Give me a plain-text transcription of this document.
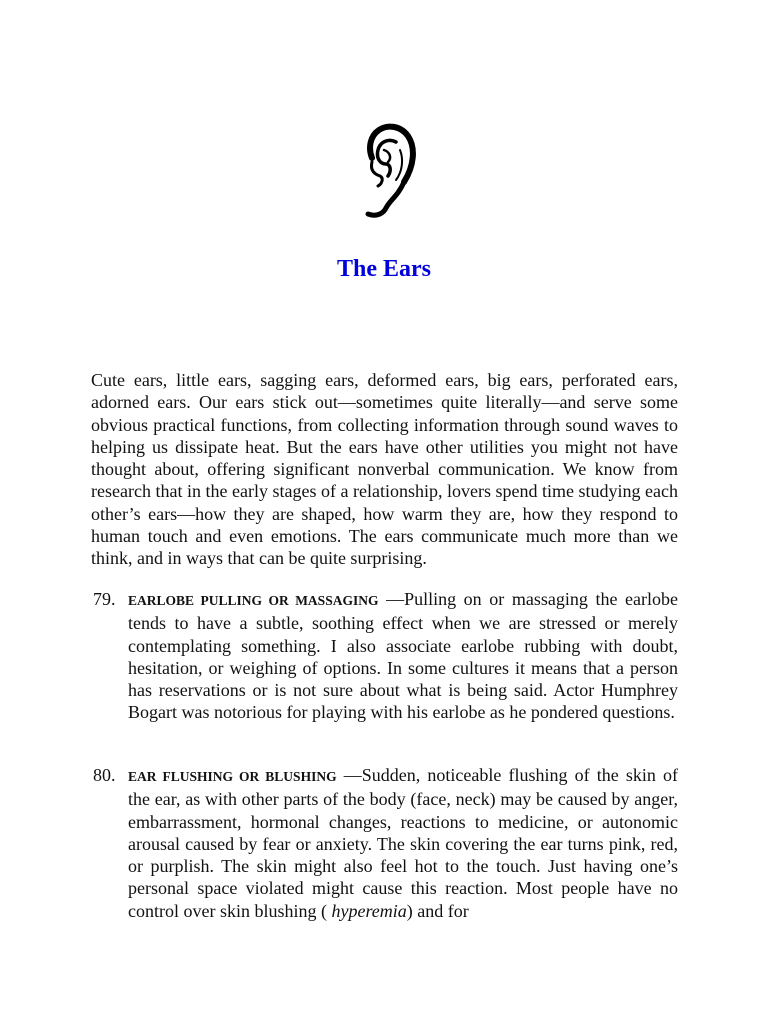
The Ears

Cute ears, little ears, sagging ears, deformed ears, big ears, perforated ears, adorned ears. Our ears stick out—sometimes quite literally—and serve some obvious practical functions, from collecting information through sound waves to helping us dissipate heat. But the ears have other utilities you might not have thought about, offering significant nonverbal communication. We know from research that in the early stages of a relationship, lovers spend time studying each other’s ears—how they are shaped, how warm they are, how they respond to human touch and even emotions. The ears communicate much more than we think, and in ways that can be quite surprising.

79. EARLOBE PULLING OR MASSAGING —Pulling on or massaging the earlobe tends to have a subtle, soothing effect when we are stressed or merely contemplating something. I also associate earlobe rubbing with doubt, hesitation, or weighing of options. In some cultures it means that a person has reservations or is not sure about what is being said. Actor Humphrey Bogart was notorious for playing with his earlobe as he pondered questions.

80. EAR FLUSHING OR BLUSHING —Sudden, noticeable flushing of the skin of the ear, as with other parts of the body (face, neck) may be caused by anger, embarrassment, hormonal changes, reactions to medicine, or autonomic arousal caused by fear or anxiety. The skin covering the ear turns pink, red, or purplish. The skin might also feel hot to the touch. Just having one’s personal space violated might cause this reaction. Most people have no control over skin blushing ( hyperemia) and for
